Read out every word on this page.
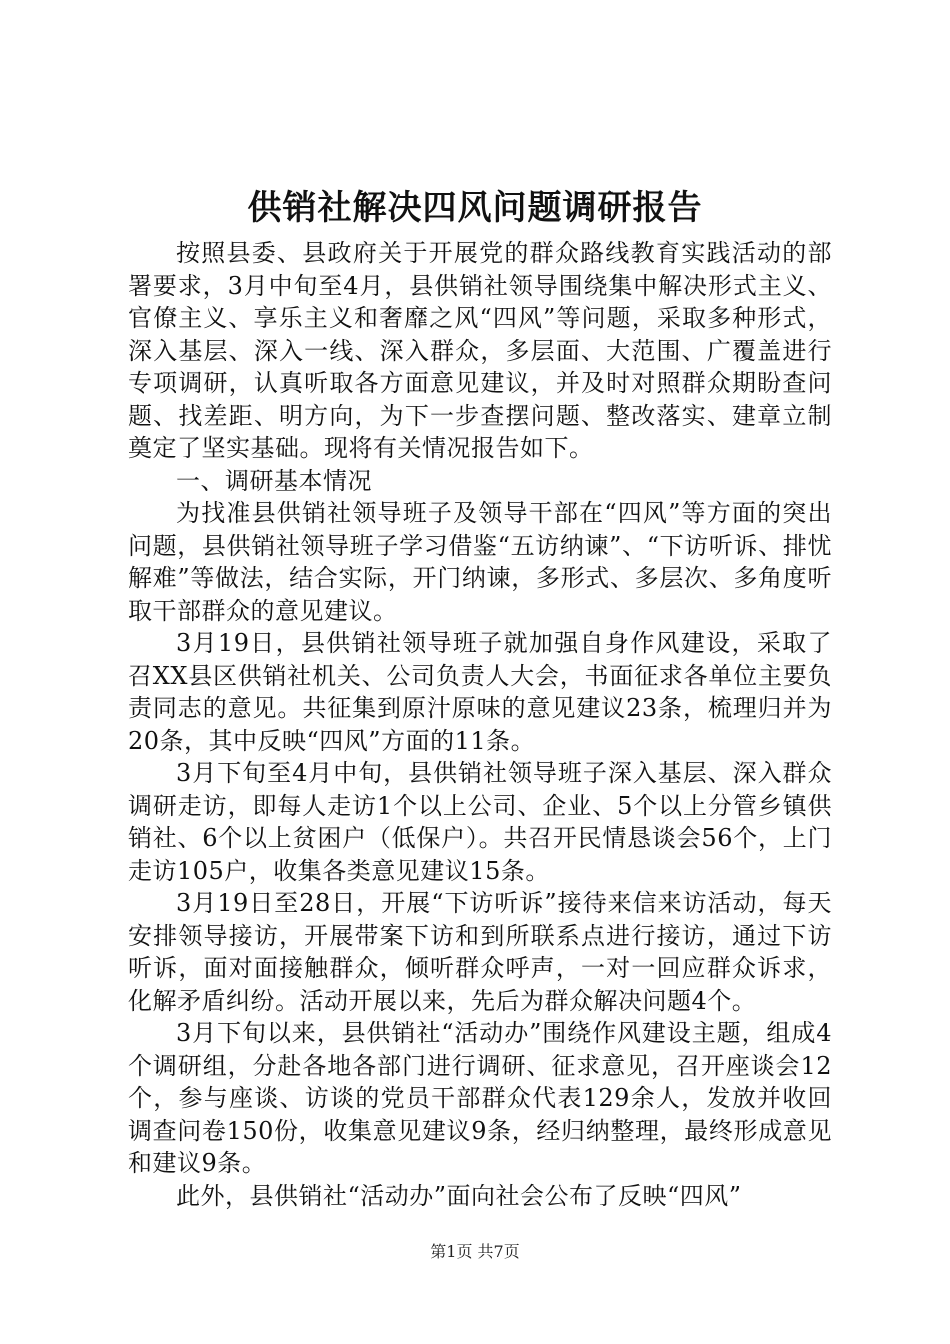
供销社解决四风问题调研报告

按照县委、县政府关于开展党的群众路线教育实践活动的部署要求，3月中旬至4月，县供销社领导围绕集中解决形式主义、官僚主义、享乐主义和奢靡之风“四风”等问题，采取多种形式，深入基层、深入一线、深入群众，多层面、大范围、广覆盖进行专项调研，认真听取各方面意见建议，并及时对照群众期盼查问题、找差距、明方向，为下一步查摆问题、整改落实、建章立制奠定了坚实基础。现将有关情况报告如下。

一、调研基本情况

为找准县供销社领导班子及领导干部在“四风”等方面的突出问题，县供销社领导班子学习借鉴“五访纳谏”、“下访听诉、排忧解难”等做法，结合实际，开门纳谏，多形式、多层次、多角度听取干部群众的意见建议。

3月19日，县供销社领导班子就加强自身作风建设，采取了召XX县区供销社机关、公司负责人大会，书面征求各单位主要负责同志的意见。共征集到原汁原味的意见建议23条，梳理归并为20条，其中反映“四风”方面的11条。

3月下旬至4月中旬，县供销社领导班子深入基层、深入群众调研走访，即每人走访1个以上公司、企业、5个以上分管乡镇供销社、6个以上贫困户（低保户）。共召开民情恳谈会56个，上门走访105户，收集各类意见建议15条。

3月19日至28日，开展“下访听诉”接待来信来访活动，每天安排领导接访，开展带案下访和到所联系点进行接访，通过下访听诉，面对面接触群众，倾听群众呼声，一对一回应群众诉求，化解矛盾纠纷。活动开展以来，先后为群众解决问题4个。

3月下旬以来，县供销社“活动办”围绕作风建设主题，组成4个调研组，分赴各地各部门进行调研、征求意见，召开座谈会12个，参与座谈、访谈的党员干部群众代表129余人，发放并收回调查问卷150份，收集意见建议9条，经归纳整理，最终形成意见和建议9条。

此外，县供销社“活动办”面向社会公布了反映“四风”

第1页 共7页
